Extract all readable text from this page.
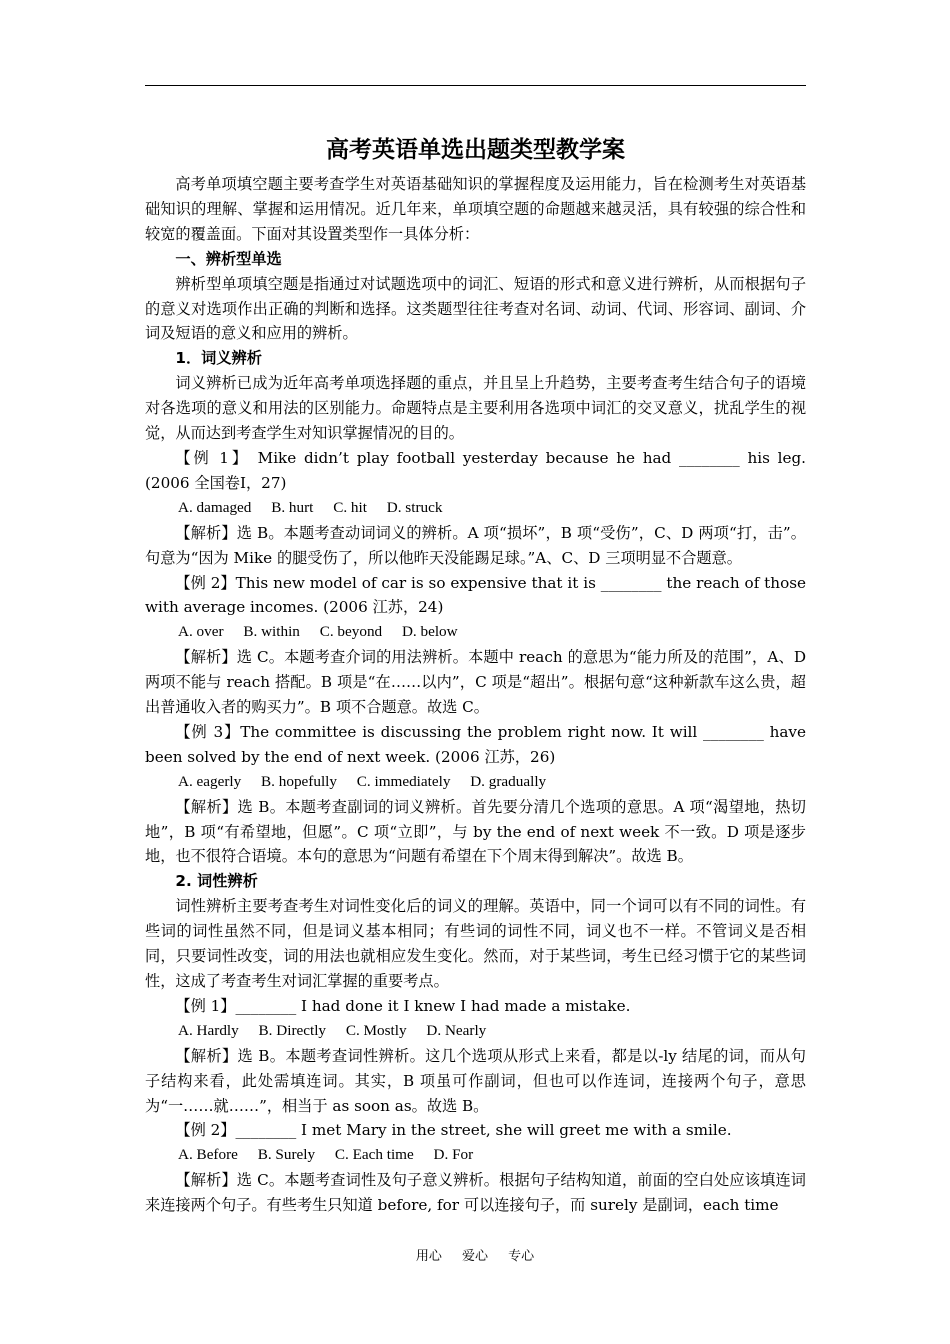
高考英语单选出题类型教学案

高考单项填空题主要考查学生对英语基础知识的掌握程度及运用能力，旨在检测考生对英语基础知识的理解、掌握和运用情况。近几年来，单项填空题的命题越来越灵活，具有较强的综合性和较宽的覆盖面。下面对其设置类型作一具体分析：

一、辨析型单选

辨析型单项填空题是指通过对试题选项中的词汇、短语的形式和意义进行辨析，从而根据句子的意义对选项作出正确的判断和选择。这类题型往往考查对名词、动词、代词、形容词、副词、介词及短语的意义和应用的辨析。

1．词义辨析

词义辨析已成为近年高考单项选择题的重点，并且呈上升趋势，主要考查考生结合句子的语境对各选项的意义和用法的区别能力。命题特点是主要利用各选项中词汇的交叉意义，扰乱学生的视觉，从而达到考查学生对知识掌握情况的目的。

【例 1】 Mike didn’t play football yesterday because he had ________ his leg. (2006 全国卷Ⅰ，27)

A. damaged B. hurt C. hit D. struck

【解析】选 B。本题考查动词词义的辨析。A 项“损坏”，B 项“受伤”，C、D 两项“打，击”。句意为“因为 Mike 的腿受伤了，所以他昨天没能踢足球。”A、C、D 三项明显不合题意。

【例 2】This new model of car is so expensive that it is ________ the reach of those with average incomes. (2006 江苏，24)

A. over B. within C. beyond D. below

【解析】选 C。本题考查介词的用法辨析。本题中 reach 的意思为“能力所及的范围”，A、D 两项不能与 reach 搭配。B 项是“在……以内”，C 项是“超出”。根据句意“这种新款车这么贵，超出普通收入者的购买力”。B 项不合题意。故选 C。

【例 3】The committee is discussing the problem right now. It will ________ have been solved by the end of next week. (2006 江苏，26)

A. eagerly B. hopefully C. immediately D. gradually

【解析】选 B。本题考查副词的词义辨析。首先要分清几个选项的意思。A 项“渴望地，热切地”，B 项“有希望地，但愿”。C 项“立即”，与 by the end of next week 不一致。D 项是逐步地，也不很符合语境。本句的意思为“问题有希望在下个周末得到解决”。故选 B。

2. 词性辨析

词性辨析主要考查考生对词性变化后的词义的理解。英语中，同一个词可以有不同的词性。有些词的词性虽然不同，但是词义基本相同；有些词的词性不同，词义也不一样。不管词义是否相同，只要词性改变，词的用法也就相应发生变化。然而，对于某些词，考生已经习惯于它的某些词性，这成了考查考生对词汇掌握的重要考点。

【例 1】________ I had done it I knew I had made a mistake.

A. Hardly B. Directly C. Mostly D. Nearly

【解析】选 B。本题考查词性辨析。这几个选项从形式上来看，都是以-ly 结尾的词，而从句子结构来看，此处需填连词。其实，B 项虽可作副词，但也可以作连词，连接两个句子，意思为“一……就……”，相当于 as soon as。故选 B。

【例 2】________ I met Mary in the street, she will greet me with a smile.

A. Before B. Surely C. Each time D. For

【解析】选 C。本题考查词性及句子意义辨析。根据句子结构知道，前面的空白处应该填连词来连接两个句子。有些考生只知道 before, for 可以连接句子，而 surely 是副词，each time

用心 爱心 专心
